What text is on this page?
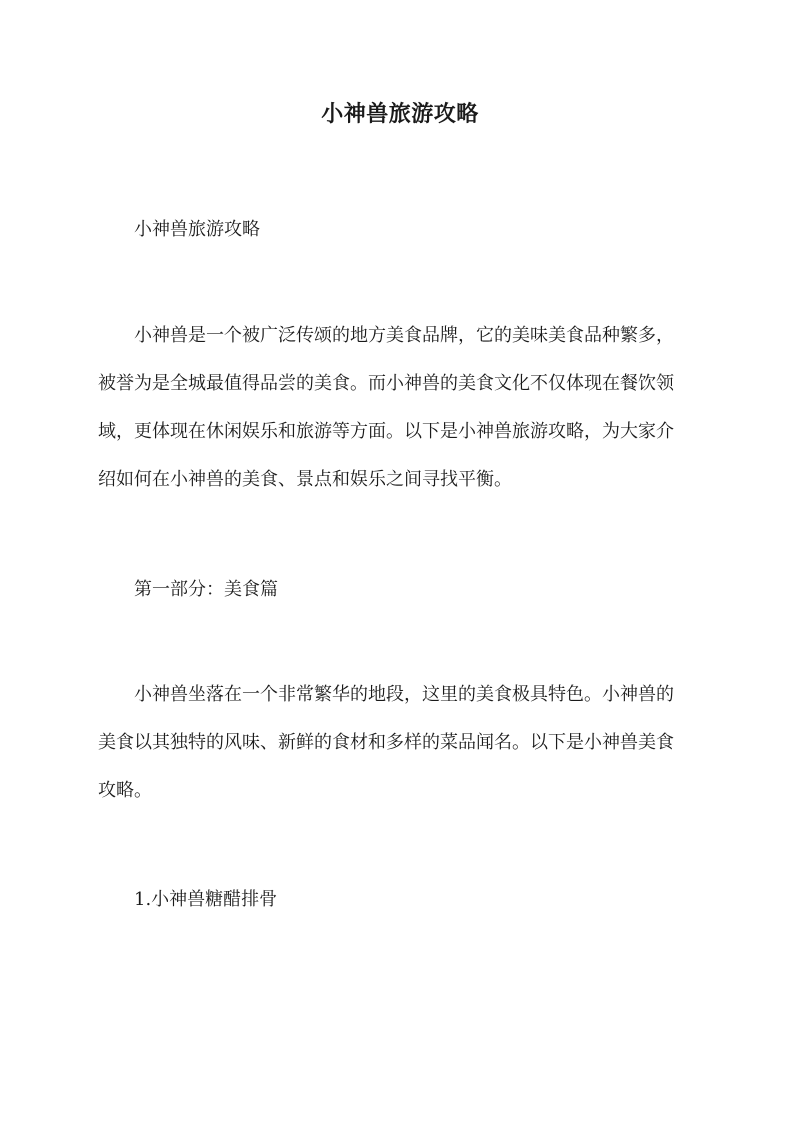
小神兽旅游攻略
小神兽旅游攻略
小神兽是一个被广泛传颂的地方美食品牌，它的美味美食品种繁多，
被誉为是全城最值得品尝的美食。而小神兽的美食文化不仅体现在餐饮领
域，更体现在休闲娱乐和旅游等方面。以下是小神兽旅游攻略，为大家介
绍如何在小神兽的美食、景点和娱乐之间寻找平衡。
第一部分：美食篇
小神兽坐落在一个非常繁华的地段，这里的美食极具特色。小神兽的
美食以其独特的风味、新鲜的食材和多样的菜品闻名。以下是小神兽美食
攻略。
1.小神兽糖醋排骨
